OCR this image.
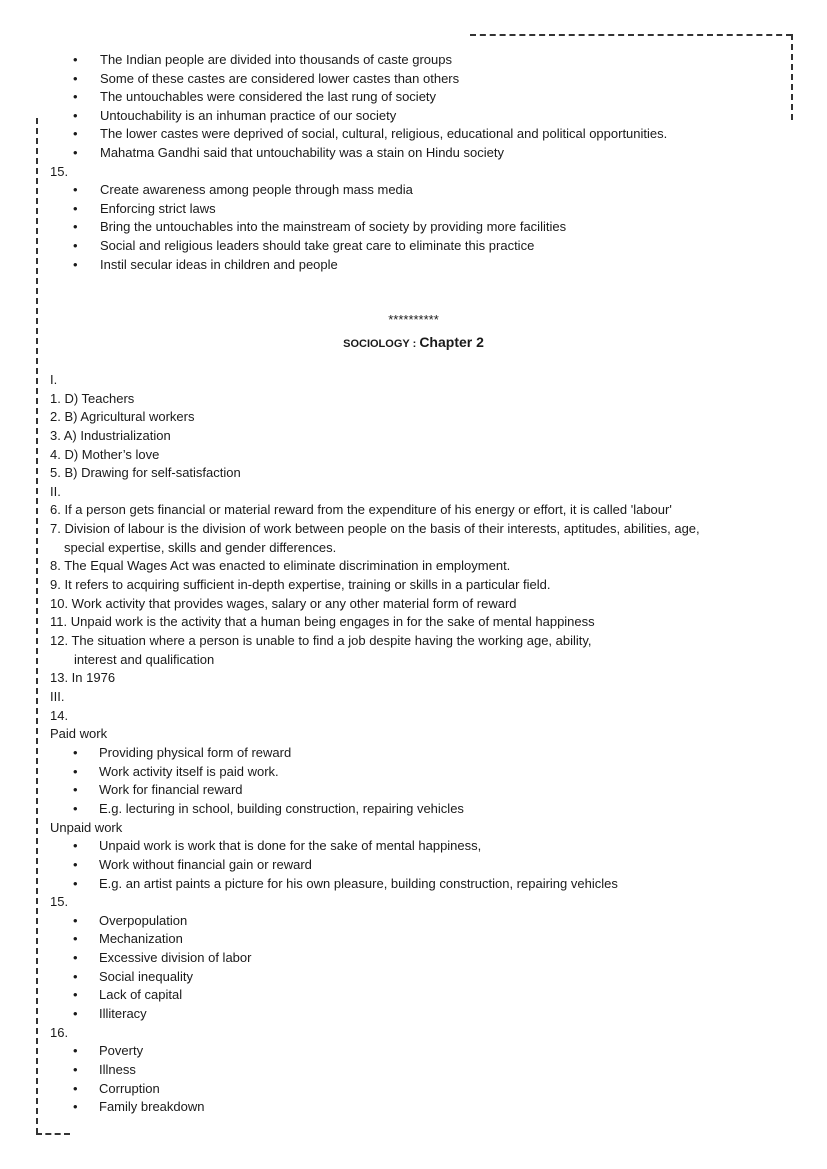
• The Indian people are divided into thousands of caste groups
• Some of these castes are considered lower castes than others
• The untouchables were considered the last rung of society
• Untouchability is an inhuman practice of our society
• The lower castes were deprived of social, cultural, religious, educational and political opportunities.
• Mahatma Gandhi said that untouchability was a stain on Hindu society
15.
• Create awareness among people through mass media
• Enforcing strict laws
• Bring the untouchables into the mainstream of society by providing more facilities
• Social and religious leaders should take great care to eliminate this practice
• Instil secular ideas in children and people
**********
SOCIOLOGY : Chapter 2
I.
1. D) Teachers
2. B) Agricultural workers
3. A) Industrialization
4. D) Mother’s love
5. B) Drawing for self-satisfaction
II.
6. If a person gets financial or material reward from the expenditure of his energy or effort, it is called 'labour'
7. Division of labour is the division of work between people on the basis of their interests, aptitudes, abilities, age,
special expertise, skills and gender differences.
8. The Equal Wages Act was enacted to eliminate discrimination in employment.
9. It refers to acquiring sufficient in-depth expertise, training or skills in a particular field.
10. Work activity that provides wages, salary or any other material form of reward
11. Unpaid work is the activity that a human being engages in for the sake of mental happiness
12. The situation where a person is unable to find a job despite having the working age, ability,
interest and qualification
13. In 1976
III.
14.
Paid work
• Providing physical form of reward
• Work activity itself is paid work.
• Work for financial reward
• E.g. lecturing in school, building construction, repairing vehicles
Unpaid work
• Unpaid work is work that is done for the sake of mental happiness,
• Work without financial gain or reward
• E.g. an artist paints a picture for his own pleasure, building construction, repairing vehicles
15.
• Overpopulation
• Mechanization
• Excessive division of labor
• Social inequality
• Lack of capital
• Illiteracy
16.
• Poverty
• Illness
• Corruption
• Family breakdown
